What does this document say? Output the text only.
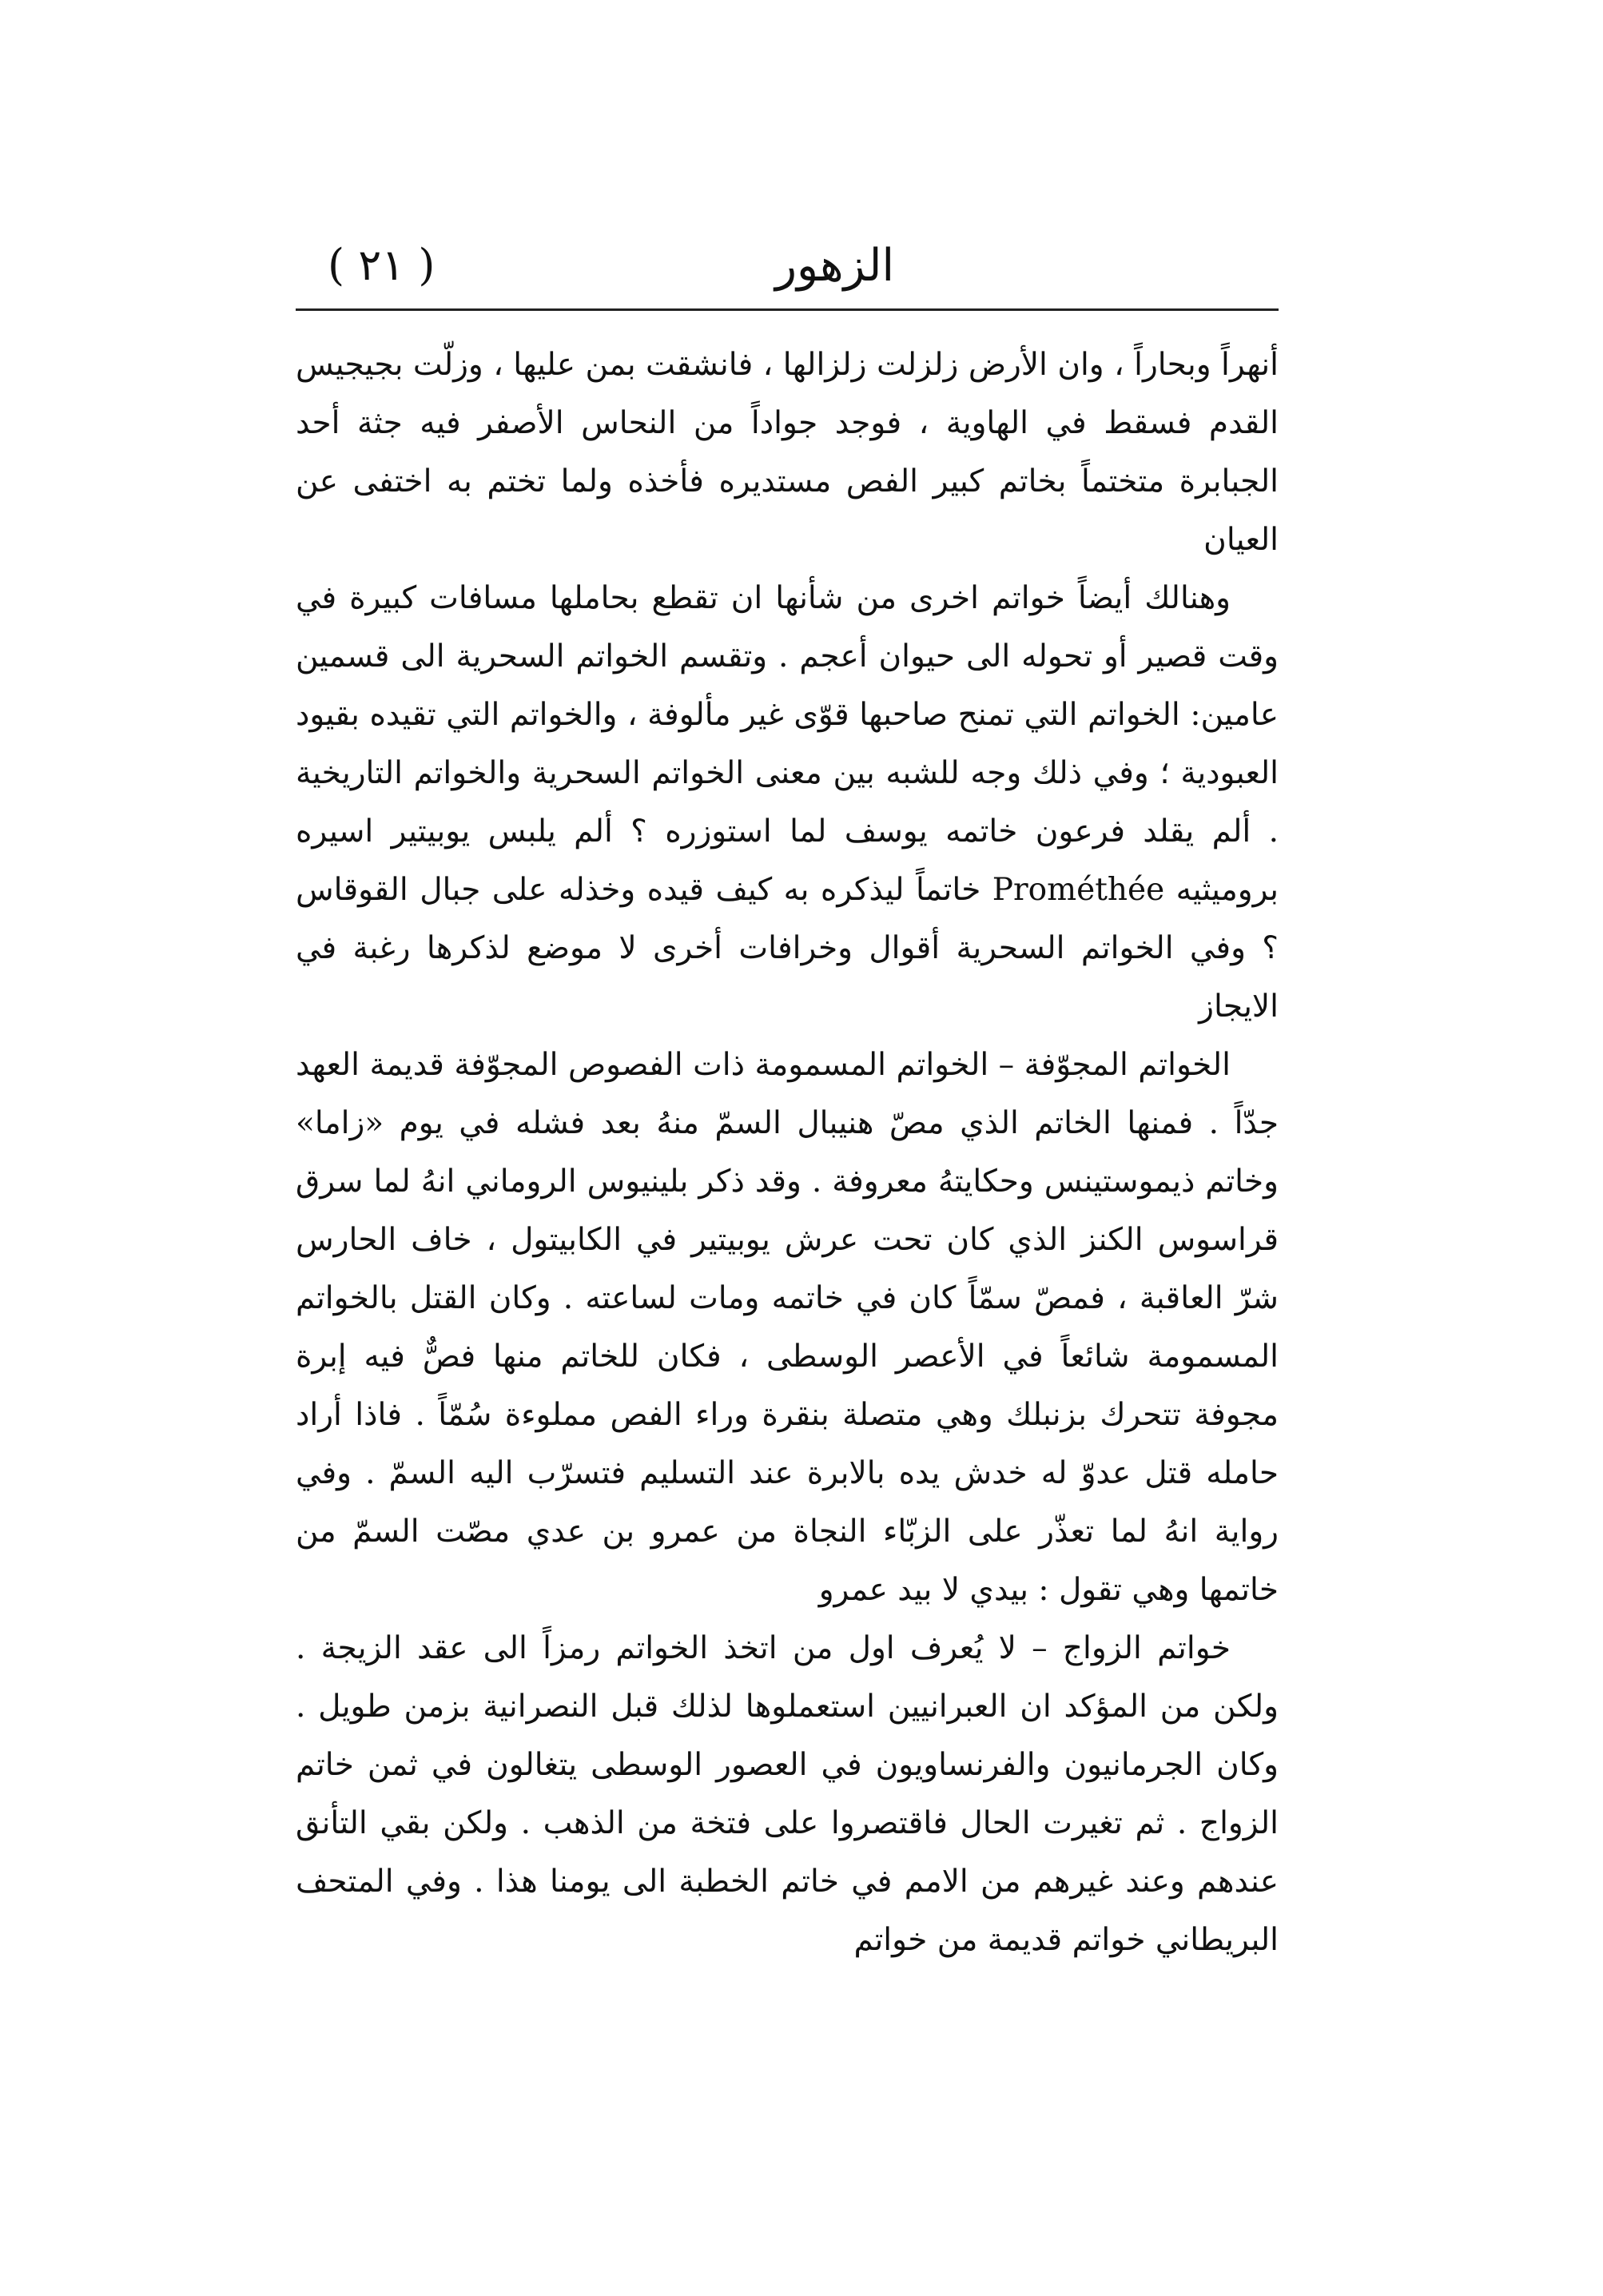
( ٢١ )	الزهور

أنهراً وبحاراً ، وان الأرض زلزلت زلزالها ، فانشقت بمن عليها ، وزلّت بجيجيس القدم فسقط في الهاوية ، فوجد جواداً من النحاس الأصفر فيه جثة أحد الجبابرة متختماً بخاتم كبير الفص مستديره فأخذه ولما تختم به اختفى عن العيان

وهنالك أيضاً خواتم اخرى من شأنها ان تقطع بحاملها مسافات كبيرة في وقت قصير أو تحوله الى حيوان أعجم . وتقسم الخواتم السحرية الى قسمين عامين: الخواتم التي تمنح صاحبها قوّى غير مألوفة ، والخواتم التي تقيده بقيود العبودية ؛ وفي ذلك وجه للشبه بين معنى الخواتم السحرية والخواتم التاريخية . ألم يقلد فرعون خاتمه يوسف لما استوزره ؟ ألم يلبس يوبيتير اسيره بروميثيه Prométhée خاتماً ليذكره به كيف قيده وخذله على جبال القوقاس ؟ وفي الخواتم السحرية أقوال وخرافات أخرى لا موضع لذكرها رغبة في الايجاز

الخواتم المجوّفة – الخواتم المسمومة ذات الفصوص المجوّفة قديمة العهد جدّاً . فمنها الخاتم الذي مصّ هنيبال السمّ منهُ بعد فشله في يوم «زاما» وخاتم ذيموستينس وحكايتهُ معروفة . وقد ذكر بلينيوس الروماني انهُ لما سرق قراسوس الكنز الذي كان تحت عرش يوبيتير في الكابيتول ، خاف الحارس شرّ العاقبة ، فمصّ سمّاً كان في خاتمه ومات لساعته . وكان القتل بالخواتم المسمومة شائعاً في الأعصر الوسطى ، فكان للخاتم منها فصٌّ فيه إبرة مجوفة تتحرك بزنبلك وهي متصلة بنقرة وراء الفص مملوءة سُمّاً . فاذا أراد حامله قتل عدوّ له خدش يده بالابرة عند التسليم فتسرّب اليه السمّ . وفي رواية انهُ لما تعذّر على الزبّاء النجاة من عمرو بن عدي مصّت السمّ من خاتمها وهي تقول : بيدي لا بيد عمرو

خواتم الزواج – لا يُعرف اول من اتخذ الخواتم رمزاً الى عقد الزيجة . ولكن من المؤكد ان العبرانيين استعملوها لذلك قبل النصرانية بزمن طويل . وكان الجرمانيون والفرنساويون في العصور الوسطى يتغالون في ثمن خاتم الزواج . ثم تغيرت الحال فاقتصروا على فتخة من الذهب . ولكن بقي التأنق عندهم وعند غيرهم من الامم في خاتم الخطبة الى يومنا هذا . وفي المتحف البريطاني خواتم قديمة من خواتم
